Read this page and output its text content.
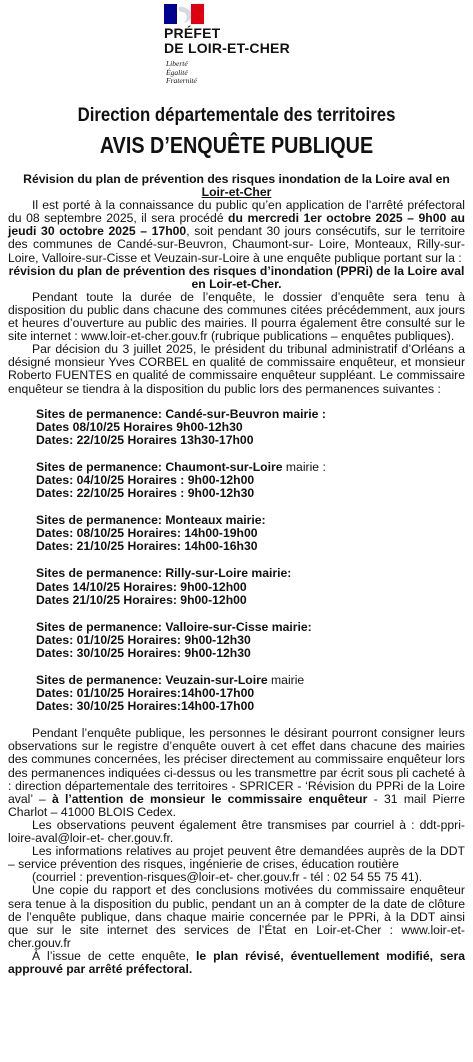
PRÉFET
DE LOIR-ET-CHER
Liberté
Égalité
Fraternité
Direction départementale des territoires
AVIS D’ENQUÊTE PUBLIQUE
Révision du plan de prévention des risques inondation de la Loire aval en
Loir-et-Cher

Il est porté à la connaissance du public qu’en application de l’arrêté préfectoral du 08 septembre 2025, il sera procédé du mercredi 1er octobre 2025 – 9h00 au jeudi 30 octobre 2025 – 17h00, soit pendant 30 jours consécutifs, sur le territoire des communes de Candé-sur-Beuvron, Chaumont-sur- Loire, Monteaux, Rilly-sur-Loire, Valloire-sur-Cisse et Veuzain-sur-Loire à une enquête publique portant sur la :

révision du plan de prévention des risques d’inondation (PPRi) de la Loire aval en Loir-et-Cher.

Pendant toute la durée de l’enquête, le dossier d’enquête sera tenu à disposition du public dans chacune des communes citées précédemment, aux jours et heures d’ouverture au public des mairies. Il pourra également être consulté sur le site internet : www.loir-et-cher.gouv.fr (rubrique publications – enquêtes publiques).

Par décision du 3 juillet 2025, le président du tribunal administratif d’Orléans a désigné monsieur Yves CORBEL en qualité de commissaire enquêteur, et monsieur Roberto FUENTES en qualité de commissaire enquêteur suppléant. Le commissaire enquêteur se tiendra à la disposition du public lors des permanences suivantes :

Sites de permanence: Candé-sur-Beuvron mairie :
Dates 08/10/25 Horaires 9h00-12h30
Dates: 22/10/25 Horaires 13h30-17h00
Sites de permanence: Chaumont-sur-Loire mairie :
Dates: 04/10/25 Horaires : 9h00-12h00
Dates: 22/10/25 Horaires : 9h00-12h30
Sites de permanence: Monteaux mairie:
Dates: 08/10/25 Horaires: 14h00-19h00
Dates: 21/10/25 Horaires: 14h00-16h30
Sites de permanence: Rilly-sur-Loire mairie:
Dates 14/10/25 Horaires: 9h00-12h00
Dates 21/10/25 Horaires: 9h00-12h00
Sites de permanence: Valloire-sur-Cisse mairie:
Dates: 01/10/25 Horaires: 9h00-12h30
Dates: 30/10/25 Horaires: 9h00-12h30
Sites de permanence: Veuzain-sur-Loire mairie
Dates: 01/10/25 Horaires:14h00-17h00
Dates: 30/10/25 Horaires:14h00-17h00

Pendant l’enquête publique, les personnes le désirant pourront consigner leurs observations sur le registre d’enquête ouvert à cet effet dans chacune des mairies des communes concernées, les préciser directement au commissaire enquêteur lors des permanences indiquées ci-dessus ou les transmettre par écrit sous pli cacheté à : direction départementale des territoires - SPRICER - ‘Révision du PPRi de la Loire aval’ – à l’attention de monsieur le commissaire enquêteur - 31 mail Pierre Charlot – 41000 BLOIS Cedex.

Les observations peuvent également être transmises par courriel à : ddt-ppri-loire-aval@loir-et- cher.gouv.fr.

Les informations relatives au projet peuvent être demandées auprès de la DDT – service prévention des risques, ingénierie de crises, éducation routière

(courriel : prevention-risques@loir-et- cher.gouv.fr - tél : 02 54 55 75 41).

Une copie du rapport et des conclusions motivées du commissaire enquêteur sera tenue à la disposition du public, pendant un an à compter de la date de clôture de l’enquête publique, dans chaque mairie concernée par le PPRi, à la DDT ainsi que sur le site internet des services de l’État en Loir-et-Cher : www.loir-et-cher.gouv.fr

À l’issue de cette enquête, le plan révisé, éventuellement modifié, sera approuvé par arrêté préfectoral.
